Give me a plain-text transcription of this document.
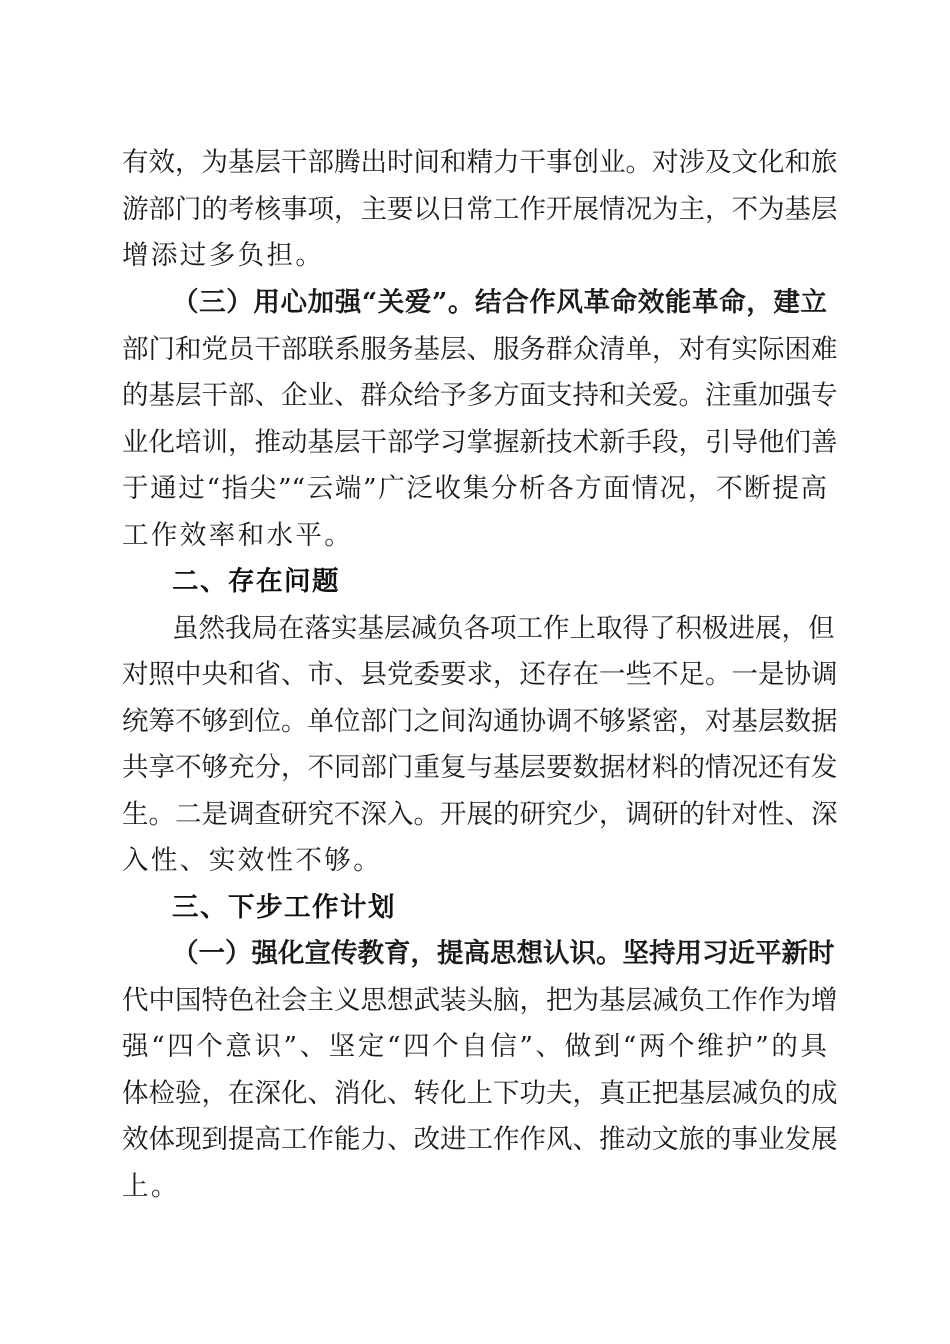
有效，为基层干部腾出时间和精力干事创业。对涉及文化和旅
游部门的考核事项，主要以日常工作开展情况为主，不为基层
增添过多负担。
（三）用心加强“关爱”。结合作风革命效能革命，建立
部门和党员干部联系服务基层、服务群众清单，对有实际困难
的基层干部、企业、群众给予多方面支持和关爱。注重加强专
业化培训，推动基层干部学习掌握新技术新手段，引导他们善
于通过“指尖”“云端”广泛收集分析各方面情况，不断提高
工作效率和水平。
二、存在问题
虽然我局在落实基层减负各项工作上取得了积极进展，但
对照中央和省、市、县党委要求，还存在一些不足。一是协调
统筹不够到位。单位部门之间沟通协调不够紧密，对基层数据
共享不够充分，不同部门重复与基层要数据材料的情况还有发
生。二是调查研究不深入。开展的研究少，调研的针对性、深
入性、实效性不够。
三、下步工作计划
（一）强化宣传教育，提高思想认识。坚持用习近平新时
代中国特色社会主义思想武装头脑，把为基层减负工作作为增
强“四个意识”、坚定“四个自信”、做到“两个维护”的具
体检验，在深化、消化、转化上下功夫，真正把基层减负的成
效体现到提高工作能力、改进工作作风、推动文旅的事业发展
上。
